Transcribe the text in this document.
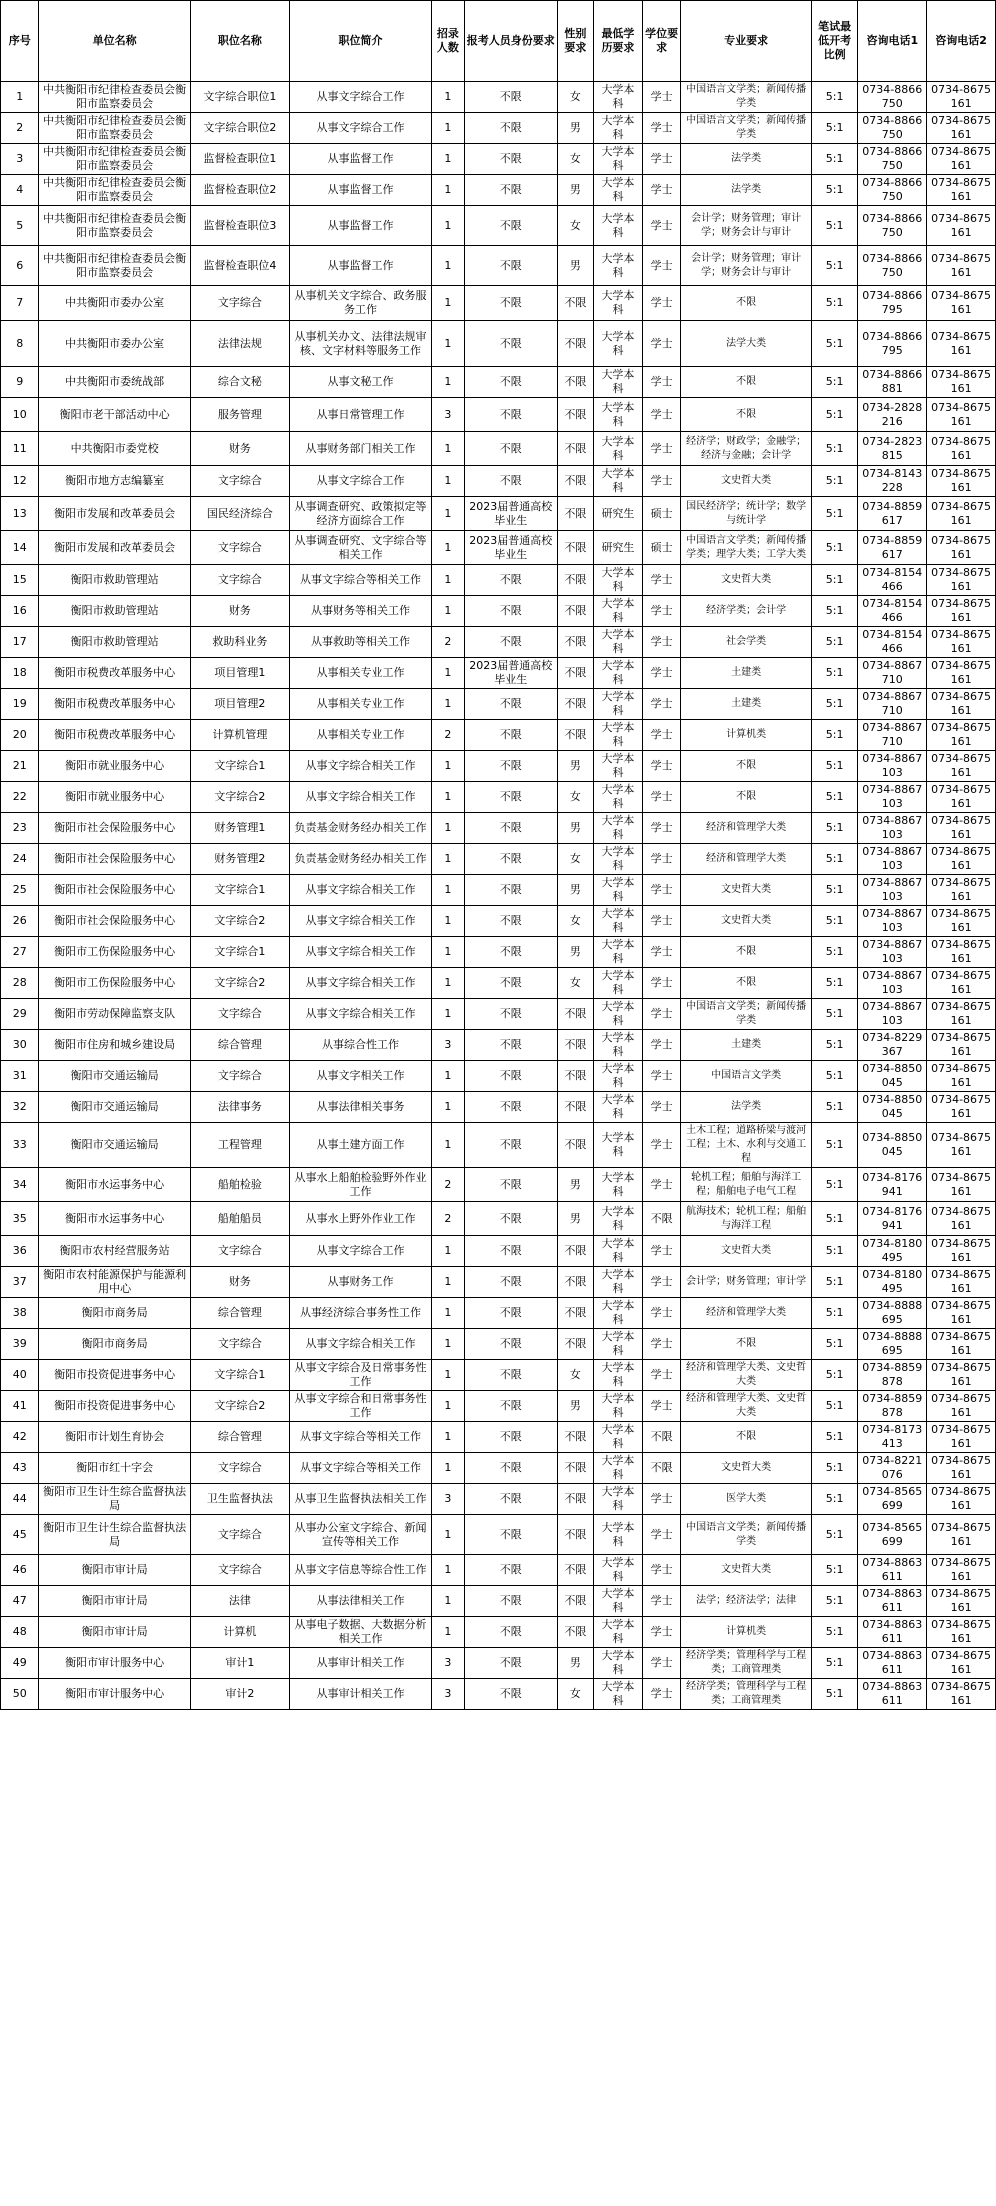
序号	单位名称	职位名称	职位简介	招录人数	报考人员身份要求	性别要求	最低学历要求	学位要求	专业要求	笔试最低开考比例	咨询电话1	咨询电话2
1	中共衡阳市纪律检查委员会衡阳市监察委员会	文字综合职位1	从事文字综合工作	1	不限	女	大学本科	学士	中国语言文学类；新闻传播学类	5:1	0734-8866750	0734-8675161
2	中共衡阳市纪律检查委员会衡阳市监察委员会	文字综合职位2	从事文字综合工作	1	不限	男	大学本科	学士	中国语言文学类；新闻传播学类	5:1	0734-8866750	0734-8675161
3	中共衡阳市纪律检查委员会衡阳市监察委员会	监督检查职位1	从事监督工作	1	不限	女	大学本科	学士	法学类	5:1	0734-8866750	0734-8675161
4	中共衡阳市纪律检查委员会衡阳市监察委员会	监督检查职位2	从事监督工作	1	不限	男	大学本科	学士	法学类	5:1	0734-8866750	0734-8675161
5	中共衡阳市纪律检查委员会衡阳市监察委员会	监督检查职位3	从事监督工作	1	不限	女	大学本科	学士	会计学；财务管理；审计学；财务会计与审计	5:1	0734-8866750	0734-8675161
6	中共衡阳市纪律检查委员会衡阳市监察委员会	监督检查职位4	从事监督工作	1	不限	男	大学本科	学士	会计学；财务管理；审计学；财务会计与审计	5:1	0734-8866750	0734-8675161
7	中共衡阳市委办公室	文字综合	从事机关文字综合、政务服务工作	1	不限	不限	大学本科	学士	不限	5:1	0734-8866795	0734-8675161
8	中共衡阳市委办公室	法律法规	从事机关办文、法律法规审核、文字材料等服务工作	1	不限	不限	大学本科	学士	法学大类	5:1	0734-8866795	0734-8675161
9	中共衡阳市委统战部	综合文秘	从事文秘工作	1	不限	不限	大学本科	学士	不限	5:1	0734-8866881	0734-8675161
10	衡阳市老干部活动中心	服务管理	从事日常管理工作	3	不限	不限	大学本科	学士	不限	5:1	0734-2828216	0734-8675161
11	中共衡阳市委党校	财务	从事财务部门相关工作	1	不限	不限	大学本科	学士	经济学；财政学；金融学；经济与金融；会计学	5:1	0734-2823815	0734-8675161
12	衡阳市地方志编纂室	文字综合	从事文字综合工作	1	不限	不限	大学本科	学士	文史哲大类	5:1	0734-8143228	0734-8675161
13	衡阳市发展和改革委员会	国民经济综合	从事调查研究、政策拟定等经济方面综合工作	1	2023届普通高校毕业生	不限	研究生	硕士	国民经济学；统计学；数学与统计学	5:1	0734-8859617	0734-8675161
14	衡阳市发展和改革委员会	文字综合	从事调查研究、文字综合等相关工作	1	2023届普通高校毕业生	不限	研究生	硕士	中国语言文学类；新闻传播学类；理学大类；工学大类	5:1	0734-8859617	0734-8675161
15	衡阳市救助管理站	文字综合	从事文字综合等相关工作	1	不限	不限	大学本科	学士	文史哲大类	5:1	0734-8154466	0734-8675161
16	衡阳市救助管理站	财务	从事财务等相关工作	1	不限	不限	大学本科	学士	经济学类；会计学	5:1	0734-8154466	0734-8675161
17	衡阳市救助管理站	救助科业务	从事救助等相关工作	2	不限	不限	大学本科	学士	社会学类	5:1	0734-8154466	0734-8675161
18	衡阳市税费改革服务中心	项目管理1	从事相关专业工作	1	2023届普通高校毕业生	不限	大学本科	学士	土建类	5:1	0734-8867710	0734-8675161
19	衡阳市税费改革服务中心	项目管理2	从事相关专业工作	1	不限	不限	大学本科	学士	土建类	5:1	0734-8867710	0734-8675161
20	衡阳市税费改革服务中心	计算机管理	从事相关专业工作	2	不限	不限	大学本科	学士	计算机类	5:1	0734-8867710	0734-8675161
21	衡阳市就业服务中心	文字综合1	从事文字综合相关工作	1	不限	男	大学本科	学士	不限	5:1	0734-8867103	0734-8675161
22	衡阳市就业服务中心	文字综合2	从事文字综合相关工作	1	不限	女	大学本科	学士	不限	5:1	0734-8867103	0734-8675161
23	衡阳市社会保险服务中心	财务管理1	负责基金财务经办相关工作	1	不限	男	大学本科	学士	经济和管理学大类	5:1	0734-8867103	0734-8675161
24	衡阳市社会保险服务中心	财务管理2	负责基金财务经办相关工作	1	不限	女	大学本科	学士	经济和管理学大类	5:1	0734-8867103	0734-8675161
25	衡阳市社会保险服务中心	文字综合1	从事文字综合相关工作	1	不限	男	大学本科	学士	文史哲大类	5:1	0734-8867103	0734-8675161
26	衡阳市社会保险服务中心	文字综合2	从事文字综合相关工作	1	不限	女	大学本科	学士	文史哲大类	5:1	0734-8867103	0734-8675161
27	衡阳市工伤保险服务中心	文字综合1	从事文字综合相关工作	1	不限	男	大学本科	学士	不限	5:1	0734-8867103	0734-8675161
28	衡阳市工伤保险服务中心	文字综合2	从事文字综合相关工作	1	不限	女	大学本科	学士	不限	5:1	0734-8867103	0734-8675161
29	衡阳市劳动保障监察支队	文字综合	从事文字综合相关工作	1	不限	不限	大学本科	学士	中国语言文学类；新闻传播学类	5:1	0734-8867103	0734-8675161
30	衡阳市住房和城乡建设局	综合管理	从事综合性工作	3	不限	不限	大学本科	学士	土建类	5:1	0734-8229367	0734-8675161
31	衡阳市交通运输局	文字综合	从事文字相关工作	1	不限	不限	大学本科	学士	中国语言文学类	5:1	0734-8850045	0734-8675161
32	衡阳市交通运输局	法律事务	从事法律相关事务	1	不限	不限	大学本科	学士	法学类	5:1	0734-8850045	0734-8675161
33	衡阳市交通运输局	工程管理	从事土建方面工作	1	不限	不限	大学本科	学士	土木工程；道路桥梁与渡河工程；土木、水利与交通工程	5:1	0734-8850045	0734-8675161
34	衡阳市水运事务中心	船舶检验	从事水上船舶检验野外作业工作	2	不限	男	大学本科	学士	轮机工程；船舶与海洋工程；船舶电子电气工程	5:1	0734-8176941	0734-8675161
35	衡阳市水运事务中心	船舶船员	从事水上野外作业工作	2	不限	男	大学本科	不限	航海技术；轮机工程；船舶与海洋工程	5:1	0734-8176941	0734-8675161
36	衡阳市农村经营服务站	文字综合	从事文字综合工作	1	不限	不限	大学本科	学士	文史哲大类	5:1	0734-8180495	0734-8675161
37	衡阳市农村能源保护与能源利用中心	财务	从事财务工作	1	不限	不限	大学本科	学士	会计学；财务管理；审计学	5:1	0734-8180495	0734-8675161
38	衡阳市商务局	综合管理	从事经济综合事务性工作	1	不限	不限	大学本科	学士	经济和管理学大类	5:1	0734-8888695	0734-8675161
39	衡阳市商务局	文字综合	从事文字综合相关工作	1	不限	不限	大学本科	学士	不限	5:1	0734-8888695	0734-8675161
40	衡阳市投资促进事务中心	文字综合1	从事文字综合及日常事务性工作	1	不限	女	大学本科	学士	经济和管理学大类、文史哲大类	5:1	0734-8859878	0734-8675161
41	衡阳市投资促进事务中心	文字综合2	从事文字综合和日常事务性工作	1	不限	男	大学本科	学士	经济和管理学大类、文史哲大类	5:1	0734-8859878	0734-8675161
42	衡阳市计划生育协会	综合管理	从事文字综合等相关工作	1	不限	不限	大学本科	不限	不限	5:1	0734-8173413	0734-8675161
43	衡阳市红十字会	文字综合	从事文字综合等相关工作	1	不限	不限	大学本科	不限	文史哲大类	5:1	0734-8221076	0734-8675161
44	衡阳市卫生计生综合监督执法局	卫生监督执法	从事卫生监督执法相关工作	3	不限	不限	大学本科	学士	医学大类	5:1	0734-8565699	0734-8675161
45	衡阳市卫生计生综合监督执法局	文字综合	从事办公室文字综合、新闻宣传等相关工作	1	不限	不限	大学本科	学士	中国语言文学类；新闻传播学类	5:1	0734-8565699	0734-8675161
46	衡阳市审计局	文字综合	从事文字信息等综合性工作	1	不限	不限	大学本科	学士	文史哲大类	5:1	0734-8863611	0734-8675161
47	衡阳市审计局	法律	从事法律相关工作	1	不限	不限	大学本科	学士	法学；经济法学；法律	5:1	0734-8863611	0734-8675161
48	衡阳市审计局	计算机	从事电子数据、大数据分析相关工作	1	不限	不限	大学本科	学士	计算机类	5:1	0734-8863611	0734-8675161
49	衡阳市审计服务中心	审计1	从事审计相关工作	3	不限	男	大学本科	学士	经济学类；管理科学与工程类；工商管理类	5:1	0734-8863611	0734-8675161
50	衡阳市审计服务中心	审计2	从事审计相关工作	3	不限	女	大学本科	学士	经济学类；管理科学与工程类；工商管理类	5:1	0734-8863611	0734-8675161
